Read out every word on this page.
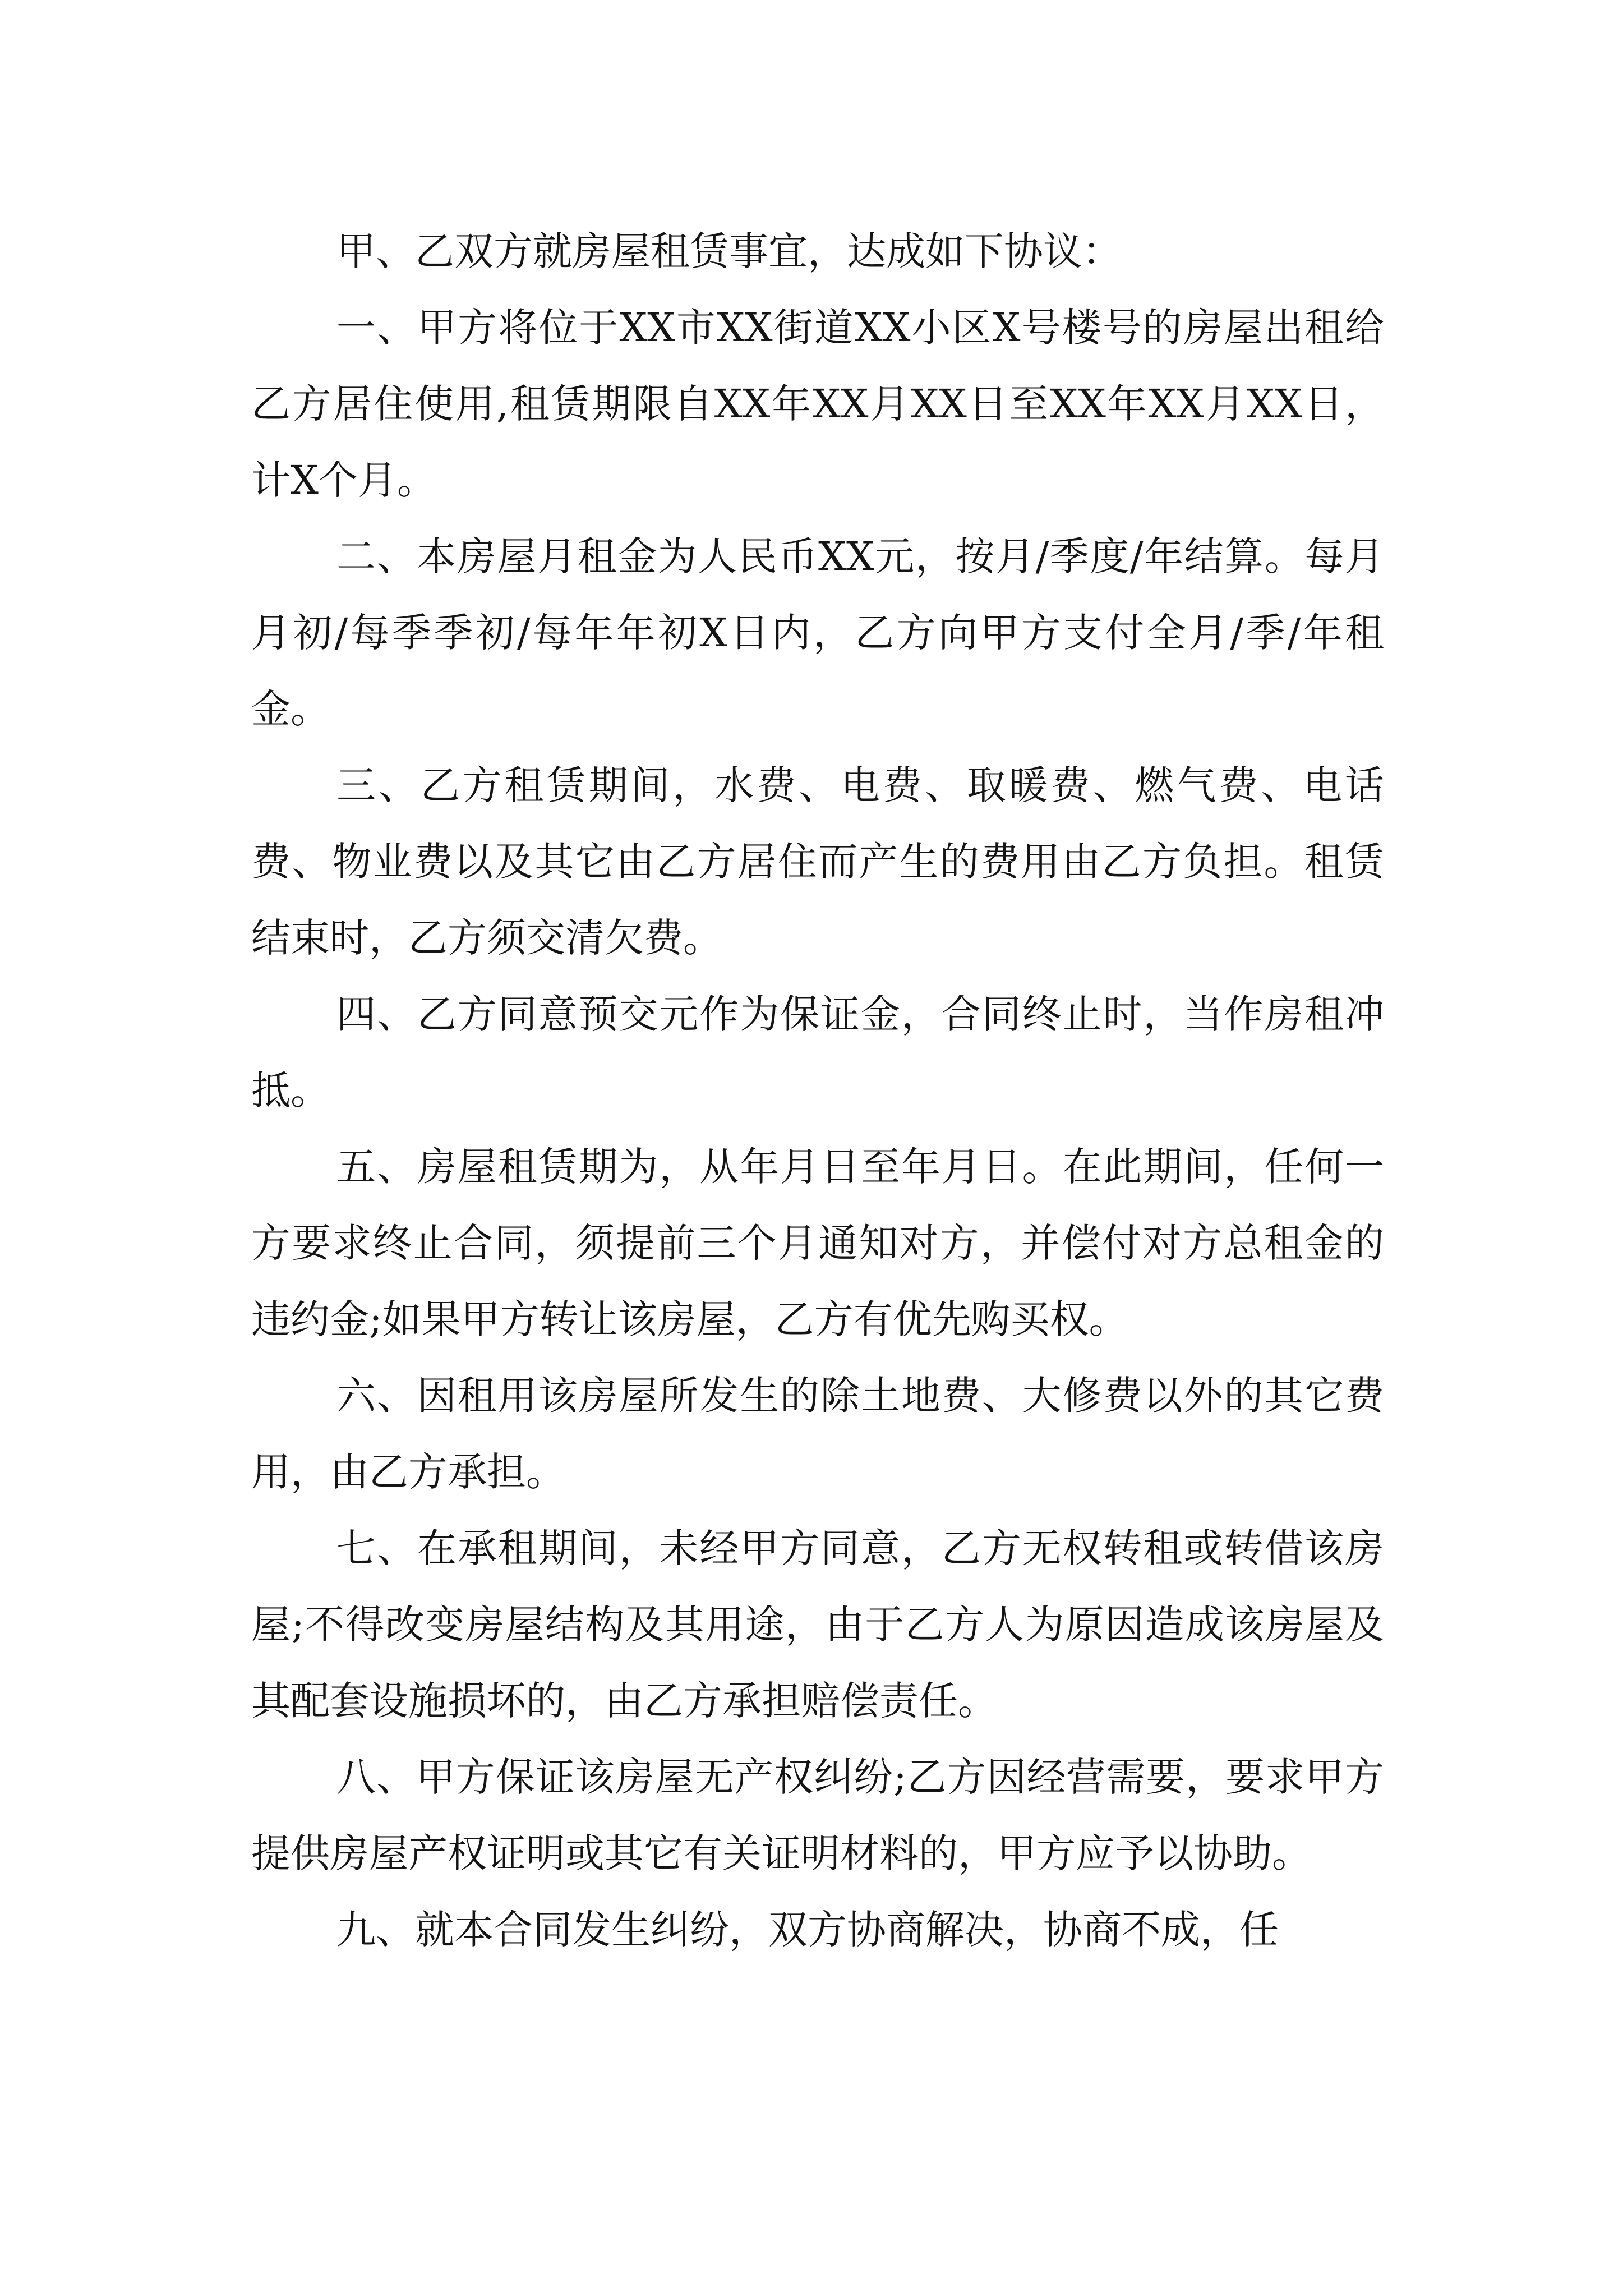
甲、乙双方就房屋租赁事宜，达成如下协议：

一、甲方将位于XX市XX街道XX小区X号楼号的房屋出租给乙方居住使用,租赁期限自XX年XX月XX日至XX年XX月XX日，计X个月。

二、本房屋月租金为人民币XX元，按月/季度/年结算。每月月初/每季季初/每年年初X日内，乙方向甲方支付全月/季/年租金。

三、乙方租赁期间，水费、电费、取暖费、燃气费、电话费、物业费以及其它由乙方居住而产生的费用由乙方负担。租赁结束时，乙方须交清欠费。

四、乙方同意预交元作为保证金，合同终止时，当作房租冲抵。

五、房屋租赁期为，从年月日至年月日。在此期间，任何一方要求终止合同，须提前三个月通知对方，并偿付对方总租金的违约金;如果甲方转让该房屋，乙方有优先购买权。

六、因租用该房屋所发生的除土地费、大修费以外的其它费用，由乙方承担。

七、在承租期间，未经甲方同意，乙方无权转租或转借该房屋;不得改变房屋结构及其用途，由于乙方人为原因造成该房屋及其配套设施损坏的，由乙方承担赔偿责任。

八、甲方保证该房屋无产权纠纷;乙方因经营需要，要求甲方提供房屋产权证明或其它有关证明材料的，甲方应予以协助。

九、就本合同发生纠纷，双方协商解决，协商不成，任
